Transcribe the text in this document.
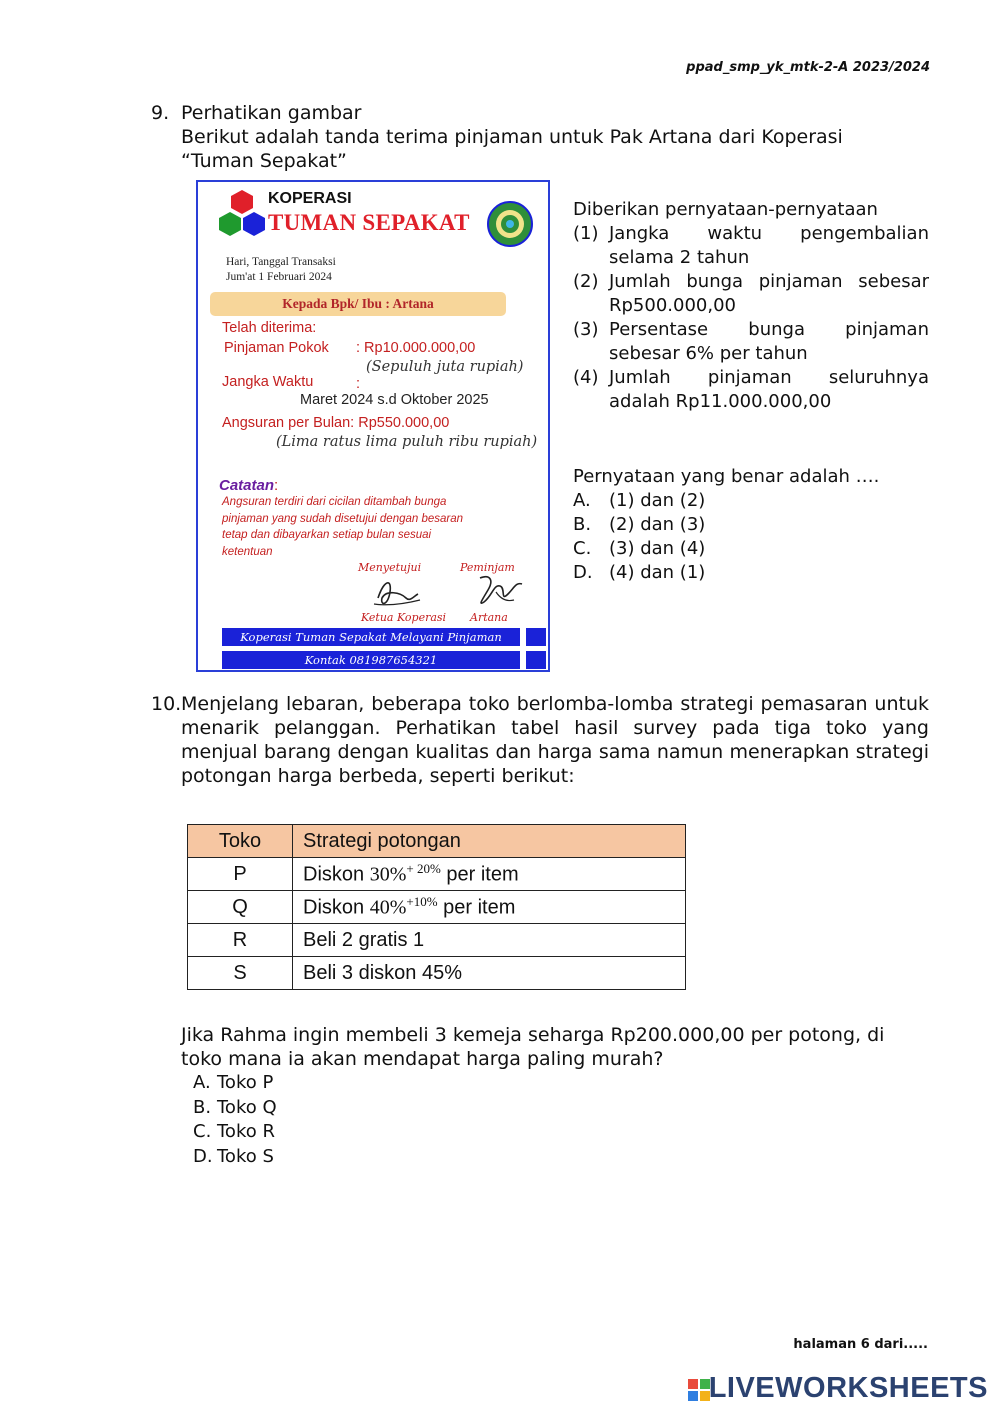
ppad_smp_yk_mtk-2-A 2023/2024
9. Perhatikan gambar
Berikut adalah tanda terima pinjaman untuk Pak Artana dari Koperasi “Tuman Sepakat”
KOPERASI
TUMAN SEPAKAT
Hari, Tanggal Transaksi
Jum'at 1 Februari 2024
Kepada Bpk/ Ibu : Artana
Telah diterima:
Pinjaman Pokok : Rp10.000.000,00
(Sepuluh juta rupiah)
Jangka Waktu	:
Maret 2024 s.d Oktober 2025
Angsuran per Bulan: Rp550.000,00
(Lima ratus lima puluh ribu rupiah)
Catatan:
Angsuran terdiri dari cicilan ditambah bunga
pinjaman yang sudah disetujui dengan besaran
tetap dan dibayarkan setiap bulan sesuai
ketentuan
Menyetujui	Peminjam
Ketua Koperasi Artana
Koperasi Tuman Sepakat Melayani Pinjaman
Kontak 081987654321
Diberikan pernyataan-pernyataan
(1) Jangka waktu pengembalian selama 2 tahun
(2) Jumlah bunga pinjaman sebesar Rp500.000,00
(3) Persentase bunga pinjaman sebesar 6% per tahun
(4) Jumlah pinjaman seluruhnya adalah Rp11.000.000,00
Pernyataan yang benar adalah ….
A.	(1) dan (2)
B. (2) dan (3)
C. (3) dan (4)
D. (4) dan (1)
10. Menjelang lebaran, beberapa toko berlomba-lomba strategi pemasaran untuk menarik pelanggan. Perhatikan tabel hasil survey pada tiga toko yang menjual barang dengan kualitas dan harga sama namun menerapkan strategi potongan harga berbeda, seperti berikut:
Toko	Strategi potongan
P	Diskon 30%$^{+ 20\%}$ per item
Q	Diskon 40%$^{+10\%}$ per item
R	Beli 2 gratis 1
S	Beli 3 diskon 45%
Jika Rahma ingin membeli 3 kemeja seharga Rp200.000,00 per potong, di toko mana ia akan mendapat harga paling murah?
A. Toko P
B. Toko Q
C. Toko R
D. Toko S
halaman 6 dari.....
LIVEWORKSHEETS
